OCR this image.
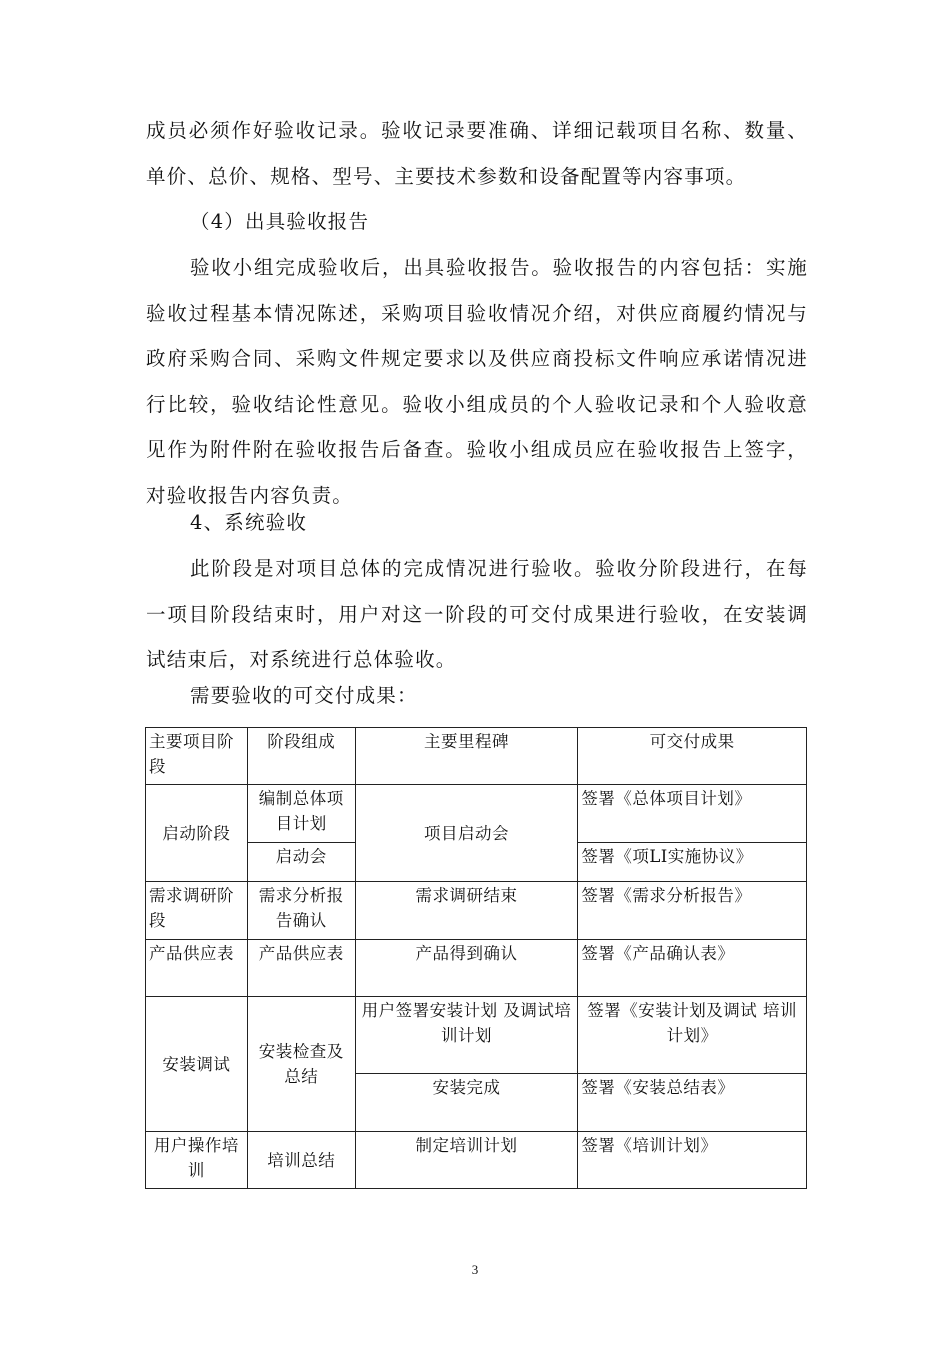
成员必须作好验收记录。验收记录要准确、详细记载项目名称、数量、单价、总价、规格、型号、主要技术参数和设备配置等内容事项。

（4）出具验收报告

验收小组完成验收后，出具验收报告。验收报告的内容包括：实施验收过程基本情况陈述，采购项目验收情况介绍，对供应商履约情况与政府采购合同、采购文件规定要求以及供应商投标文件响应承诺情况进行比较，验收结论性意见。验收小组成员的个人验收记录和个人验收意见作为附件附在验收报告后备查。验收小组成员应在验收报告上签字，对验收报告内容负责。

4、系统验收

此阶段是对项目总体的完成情况进行验收。验收分阶段进行，在每一项目阶段结束时，用户对这一阶段的可交付成果进行验收，在安装调试结束后，对系统进行总体验收。

需要验收的可交付成果：

主要项目阶段	阶段组成	主要里程碑	可交付成果
启动阶段	编制总体项目计划	项目启动会	签署《总体项目计划》
	启动会		签署《项LI实施协议》
需求调研阶段	需求分析报告确认	需求调研结束	签署《需求分析报告》
产品供应表	产品供应表	产品得到确认	签署《产品确认表》
安装调试	安装检查及总结	用户签署安装计划 及调试培训计划	签署《安装计划及调试 培训计划》
		安装完成	签署《安装总结表》
用户操作培训	培训总结	制定培训计划	签署《培训计划》
3
